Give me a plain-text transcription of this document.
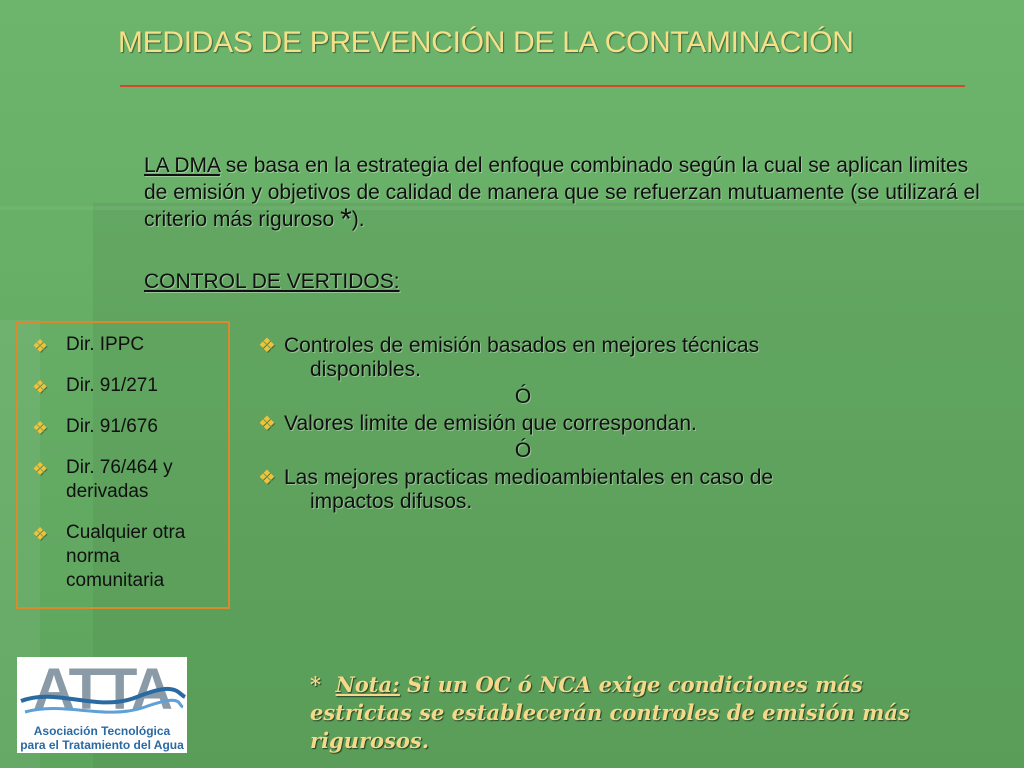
MEDIDAS DE PREVENCIÓN DE LA CONTAMINACIÓN
LA DMA se basa en la estrategia del enfoque combinado según la cual se aplican limites de emisión y objetivos de calidad de manera que se refuerzan mutuamente (se utilizará el criterio más riguroso *).
CONTROL DE VERTIDOS:
❖ Dir. IPPC
❖ Dir. 91/271
❖ Dir. 91/676
❖ Dir. 76/464 y derivadas
❖ Cualquier otra norma comunitaria
❖ Controles de emisión basados en mejores técnicas
disponibles.
Ó
❖ Valores limite de emisión que correspondan.
Ó
❖ Las mejores practicas medioambientales en caso de
impactos difusos.
ATTA
Asociación Tecnológica
para el Tratamiento del Agua
* Nota: Si un OC ó NCA exige condiciones más
estrictas se establecerán controles de emisión más rigurosos.
